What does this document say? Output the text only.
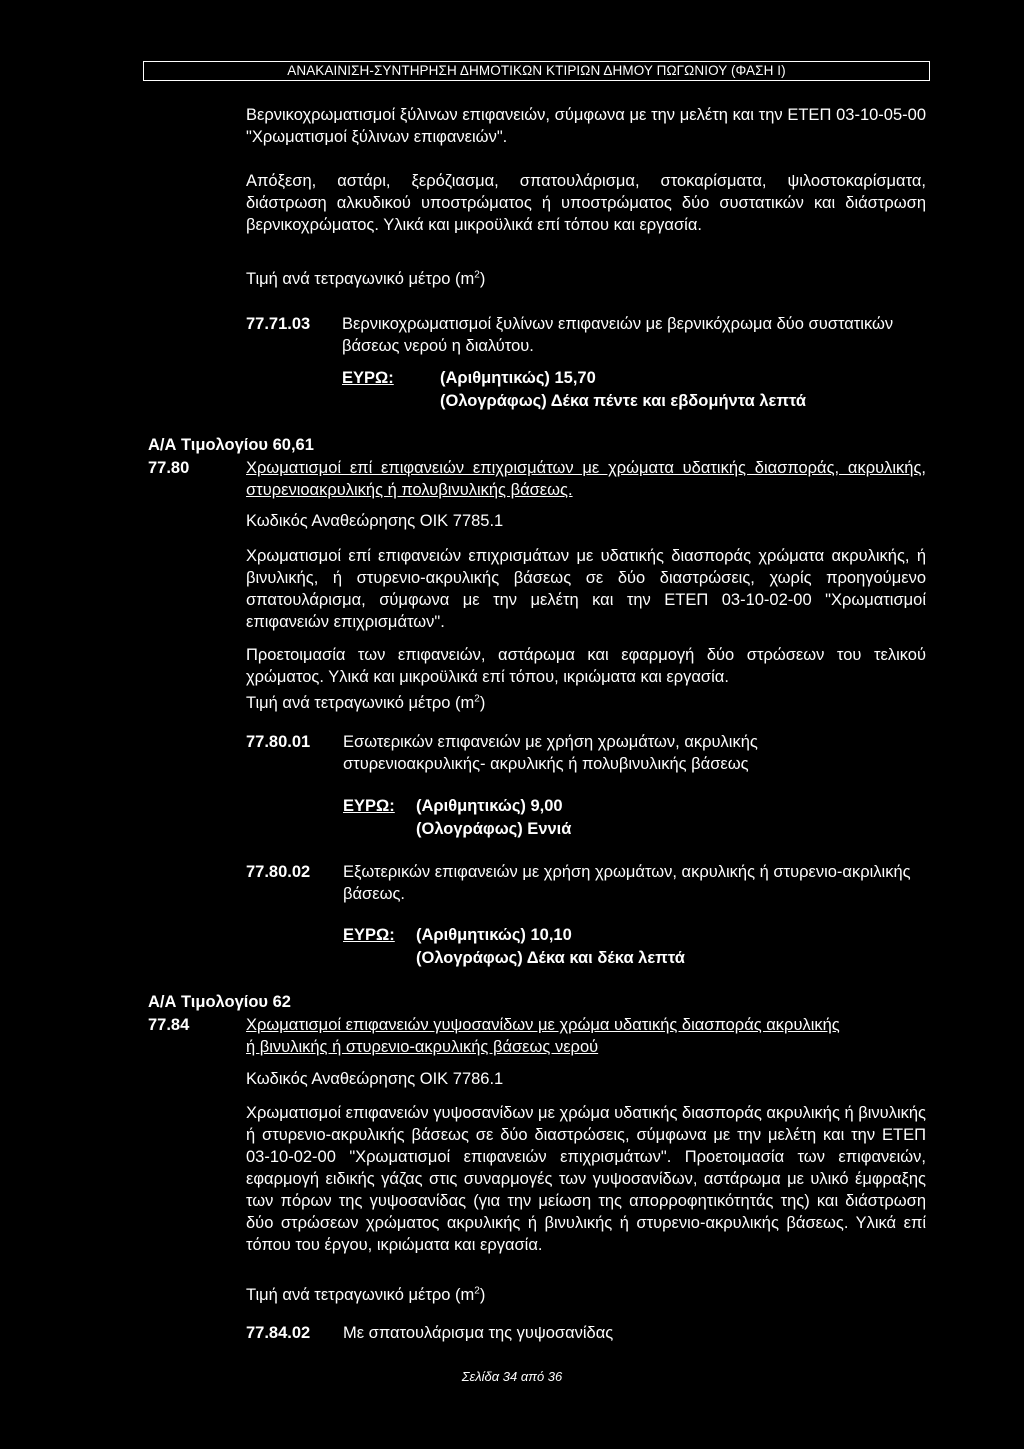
ΑΝΑΚΑΙΝΙΣΗ-ΣΥΝΤΗΡΗΣΗ ΔΗΜΟΤΙΚΩΝ ΚΤΙΡΙΩΝ ΔΗΜΟΥ ΠΩΓΩΝΙΟΥ (ΦΑΣΗ Ι)
Βερνικοχρωματισμοί ξύλινων επιφανειών, σύμφωνα με την μελέτη και την ΕΤΕΠ 03-10-05-00 "Χρωματισμοί ξύλινων επιφανειών".
Απόξεση, αστάρι, ξερόζιασμα, σπατουλάρισμα, στοκαρίσματα, ψιλοστοκαρίσματα, διάστρωση αλκυδικού υποστρώματος ή υποστρώματος δύο συστατικών και διάστρωση βερνικοχρώματος. Υλικά και μικροϋλικά επί τόπου και εργασία.
Τιμή ανά τετραγωνικό μέτρο $(m^2)$
77.71.03 Βερνικοχρωματισμοί ξυλίνων επιφανειών με βερνικόχρωμα δύο συστατικών βάσεως νερού η διαλύτου.
ΕΥΡΩ:	(Αριθμητικώς) 15,70
(Ολογράφως) Δέκα πέντε και εβδομήντα λεπτά
Α/Α Τιμολογίου 60,61
77.80	Χρωματισμοί επί επιφανειών επιχρισμάτων με χρώματα υδατικής διασποράς, ακρυλικής, στυρενιοακρυλικής ή πολυβινυλικής βάσεως.
Κωδικός Αναθεώρησης ΟΙΚ 7785.1
Χρωματισμοί επί επιφανειών επιχρισμάτων με υδατικής διασποράς χρώματα ακρυλικής, ή βινυλικής, ή στυρενιο-ακρυλικής βάσεως σε δύο διαστρώσεις, χωρίς προηγούμενο σπατουλάρισμα, σύμφωνα με την μελέτη και την ΕΤΕΠ 03-10-02-00 "Χρωματισμοί επιφανειών επιχρισμάτων".
Προετοιμασία των επιφανειών, αστάρωμα και εφαρμογή δύο στρώσεων του τελικού χρώματος. Υλικά και μικροϋλικά επί τόπου, ικριώματα και εργασία.
Τιμή ανά τετραγωνικό μέτρο $(m^2)$
77.80.01 Εσωτερικών επιφανειών με χρήση χρωμάτων, ακρυλικής στυρενιοακρυλικής- ακρυλικής ή πολυβινυλικής βάσεως
ΕΥΡΩ: (Αριθμητικώς) 9,00
(Ολογράφως) Εννιά
77.80.02 Εξωτερικών επιφανειών με χρήση χρωμάτων, ακρυλικής ή στυρενιο-ακριλικής βάσεως.
ΕΥΡΩ: (Αριθμητικώς) 10,10
(Ολογράφως) Δέκα και δέκα λεπτά
Α/Α Τιμολογίου 62
77.84	Χρωματισμοί επιφανειών γυψοσανίδων με χρώμα υδατικής διασποράς ακρυλικής ή βινυλικής ή στυρενιο-ακρυλικής βάσεως νερού
Κωδικός Αναθεώρησης ΟΙΚ 7786.1
Χρωματισμοί επιφανειών γυψοσανίδων με χρώμα υδατικής διασποράς ακρυλικής ή βινυλικής ή στυρενιο-ακρυλικής βάσεως σε δύο διαστρώσεις, σύμφωνα με την μελέτη και την ΕΤΕΠ 03-10-02-00 "Χρωματισμοί επιφανειών επιχρισμάτων". Προετοιμασία των επιφανειών, εφαρμογή ειδικής γάζας στις συναρμογές των γυψοσανίδων, αστάρωμα με υλικό έμφραξης των πόρων της γυψοσανίδας (για την μείωση της απορροφητικότητάς της) και διάστρωση δύο στρώσεων χρώματος ακρυλικής ή βινυλικής ή στυρενιο-ακρυλικής βάσεως. Υλικά επί τόπου του έργου, ικριώματα και εργασία.
Τιμή ανά τετραγωνικό μέτρο $(m^2)$
77.84.02 Με σπατουλάρισμα της γυψοσανίδας
Σελίδα 34 από 36
